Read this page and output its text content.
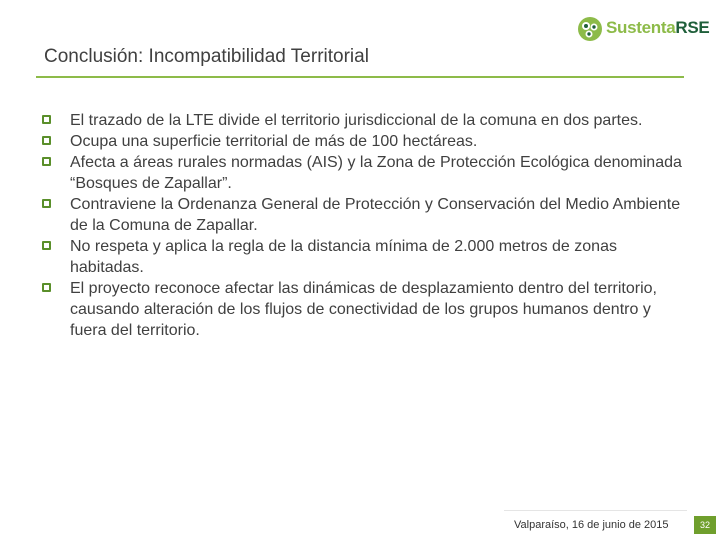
SustentaRSE
Conclusión: Incompatibilidad Territorial
El trazado de la LTE divide el territorio jurisdiccional de la comuna en dos partes.
Ocupa una superficie territorial de más de 100 hectáreas.
Afecta a áreas rurales normadas (AIS) y la Zona de Protección Ecológica denominada “Bosques de Zapallar”.
Contraviene la Ordenanza General de Protección y Conservación del Medio Ambiente de la Comuna de Zapallar.
No respeta y aplica la regla de la distancia mínima de 2.000 metros de zonas habitadas.
El proyecto reconoce afectar las dinámicas de desplazamiento dentro del territorio, causando alteración de los flujos de conectividad de los grupos humanos dentro y fuera del territorio.
Valparaíso, 16 de junio de 2015	32
